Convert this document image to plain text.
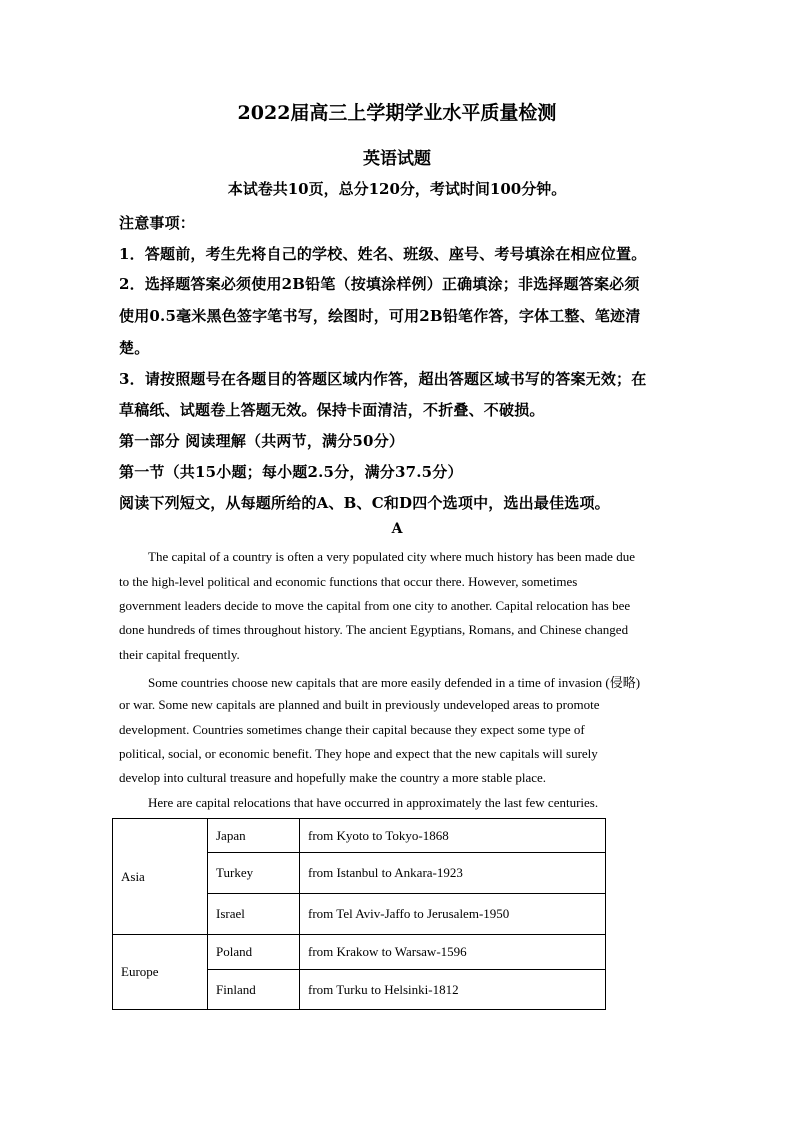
2022届高三上学期学业水平质量检测
英语试题
本试卷共10页，总分120分，考试时间100分钟。
注意事项：
1．答题前，考生先将自己的学校、姓名、班级、座号、考号填涂在相应位置。
2．选择题答案必须使用2B铅笔（按填涂样例）正确填涂；非选择题答案必须
使用0.5毫米黑色签字笔书写，绘图时，可用2B铅笔作答，字体工整、笔迹清
楚。
3．请按照题号在各题目的答题区域内作答，超出答题区域书写的答案无效；在
草稿纸、试题卷上答题无效。保持卡面清洁，不折叠、不破损。
第一部分 阅读理解（共两节，满分50分）
第一节（共15小题；每小题2.5分，满分37.5分）
阅读下列短文，从每题所给的A、B、C和D四个选项中，选出最佳选项。
A
The capital of a country is often a very populated city where much history has been made due
to the high-level political and economic functions that occur there. However, sometimes
government leaders decide to move the capital from one city to another. Capital relocation has bee
done hundreds of times throughout history. The ancient Egyptians, Romans, and Chinese changed
their capital frequently.
Some countries choose new capitals that are more easily defended in a time of invasion (侵略)
or war. Some new capitals are planned and built in previously undeveloped areas to promote
development. Countries sometimes change their capital because they expect some type of
political, social, or economic benefit. They hope and expect that the new capitals will surely
develop into cultural treasure and hopefully make the country a more stable place.
Here are capital relocations that have occurred in approximately the last few centuries.
Asia	Japan	from Kyoto to Tokyo-1868
	Turkey	from Istanbul to Ankara-1923
	Israel	from Tel Aviv-Jaffo to Jerusalem-1950
Europe	Poland	from Krakow to Warsaw-1596
	Finland	from Turku to Helsinki-1812
